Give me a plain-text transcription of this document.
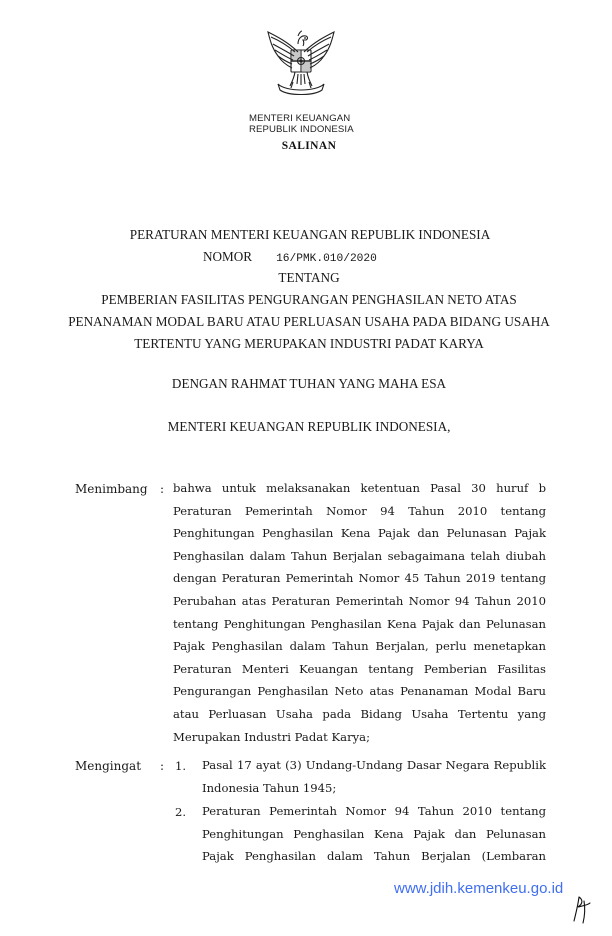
MENTERI KEUANGAN
REPUBLIK INDONESIA
SALINAN
PERATURAN MENTERI KEUANGAN REPUBLIK INDONESIA
NOMOR 16/PMK.010/2020
TENTANG
PEMBERIAN FASILITAS PENGURANGAN PENGHASILAN NETO ATAS
PENANAMAN MODAL BARU ATAU PERLUASAN USAHA PADA BIDANG USAHA
TERTENTU YANG MERUPAKAN INDUSTRI PADAT KARYA
DENGAN RAHMAT TUHAN YANG MAHA ESA
MENTERI KEUANGAN REPUBLIK INDONESIA,
Menimbang : bahwa untuk melaksanakan ketentuan Pasal 30 huruf b
Peraturan Pemerintah Nomor 94 Tahun 2010 tentang
Penghitungan Penghasilan Kena Pajak dan Pelunasan Pajak
Penghasilan dalam Tahun Berjalan sebagaimana telah diubah
dengan Peraturan Pemerintah Nomor 45 Tahun 2019 tentang
Perubahan atas Peraturan Pemerintah Nomor 94 Tahun 2010
tentang Penghitungan Penghasilan Kena Pajak dan Pelunasan
Pajak Penghasilan dalam Tahun Berjalan, perlu menetapkan
Peraturan Menteri Keuangan tentang Pemberian Fasilitas
Pengurangan Penghasilan Neto atas Penanaman Modal Baru
atau Perluasan Usaha pada Bidang Usaha Tertentu yang
Merupakan Industri Padat Karya;
Mengingat : 1. Pasal 17 ayat (3) Undang-Undang Dasar Negara Republik
Indonesia Tahun 1945;
2. Peraturan Pemerintah Nomor 94 Tahun 2010 tentang
Penghitungan Penghasilan Kena Pajak dan Pelunasan
Pajak Penghasilan dalam Tahun Berjalan (Lembaran
www.jdih.kemenkeu.go.id
